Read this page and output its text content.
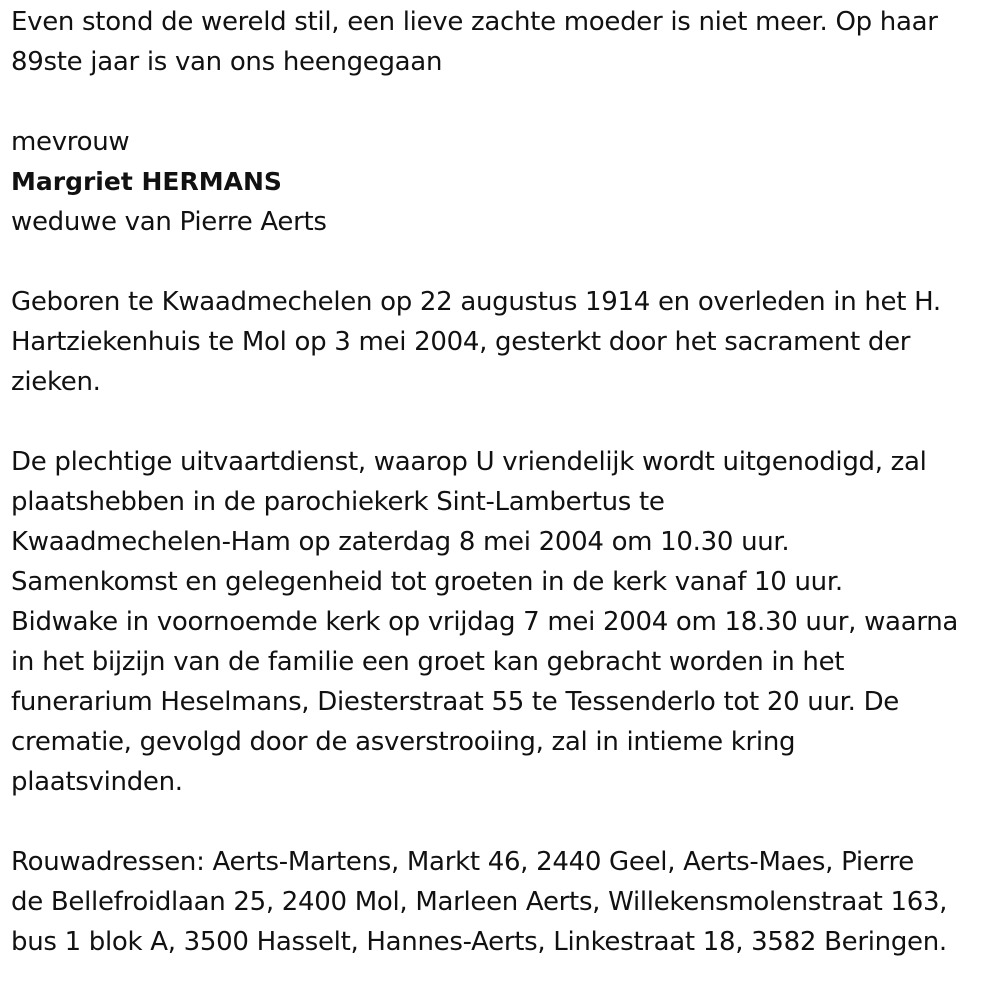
Even stond de wereld stil, een lieve zachte moeder is niet meer. Op haar
89ste jaar is van ons heengegaan
mevrouw
Margriet HERMANS
weduwe van Pierre Aerts
Geboren te Kwaadmechelen op 22 augustus 1914 en overleden in het H.
Hartziekenhuis te Mol op 3 mei 2004, gesterkt door het sacrament der
zieken.
De plechtige uitvaartdienst, waarop U vriendelijk wordt uitgenodigd, zal
plaatshebben in de parochiekerk Sint-Lambertus te
Kwaadmechelen-Ham op zaterdag 8 mei 2004 om 10.30 uur.
Samenkomst en gelegenheid tot groeten in de kerk vanaf 10 uur.
Bidwake in voornoemde kerk op vrijdag 7 mei 2004 om 18.30 uur, waarna
in het bijzijn van de familie een groet kan gebracht worden in het
funerarium Heselmans, Diesterstraat 55 te Tessenderlo tot 20 uur. De
crematie, gevolgd door de asverstrooiing, zal in intieme kring
plaatsvinden.
Rouwadressen: Aerts-Martens, Markt 46, 2440 Geel, Aerts-Maes, Pierre
de Bellefroidlaan 25, 2400 Mol, Marleen Aerts, Willekensmolenstraat 163,
bus 1 blok A, 3500 Hasselt, Hannes-Aerts, Linkestraat 18, 3582 Beringen.
